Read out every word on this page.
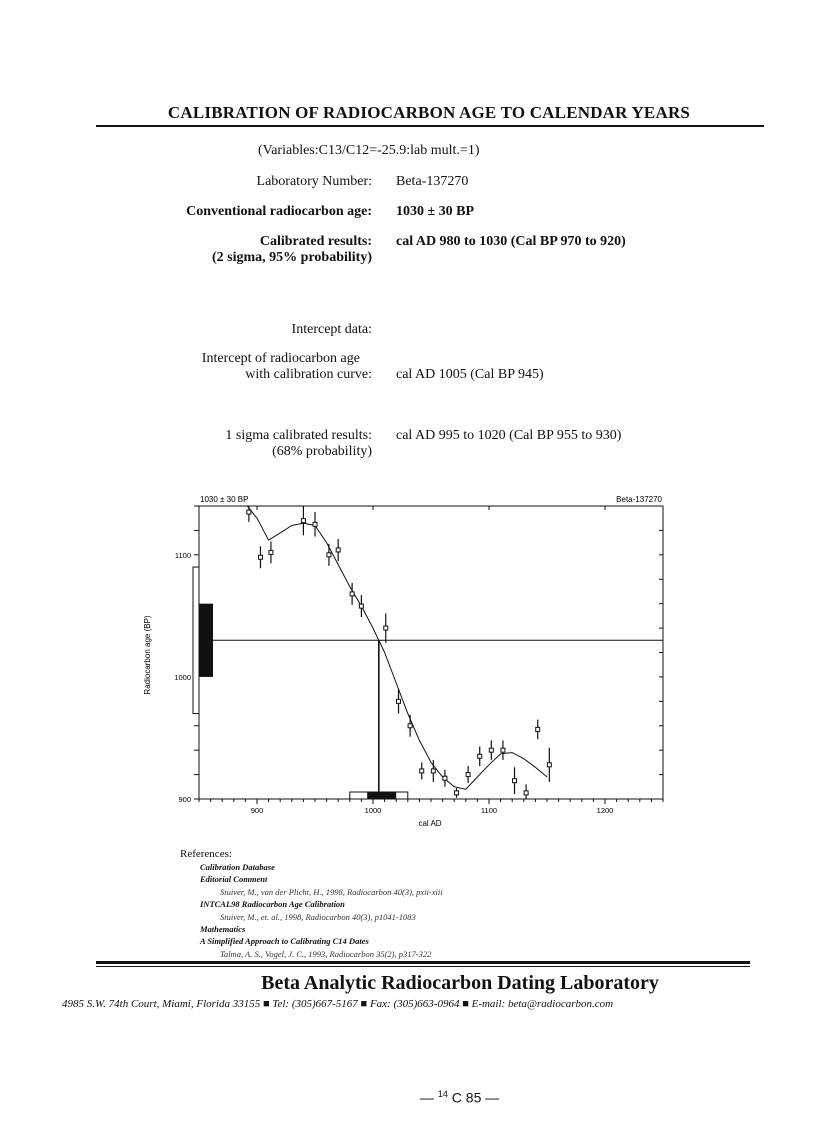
CALIBRATION OF RADIOCARBON AGE TO CALENDAR YEARS
(Variables:C13/C12=-25.9:lab mult.=1)
Laboratory Number: Beta-137270
Conventional radiocarbon age: 1030 ± 30 BP
Calibrated results:
(2 sigma, 95% probability)
cal AD 980 to 1030 (Cal BP 970 to 920)
Intercept data:
Intercept of radiocarbon age
with calibration curve: cal AD 1005 (Cal BP 945)
1 sigma calibrated results:
(68% probability)
cal AD 995 to 1020 (Cal BP 955 to 930)
900	1000	1100	1200
1100
1000
900
1030 ± 30 BP	Beta-137270
cal AD
Radiocarbon age (BP)
References:
Calibration Database
Editorial Comment
Stuiver, M., van der Plicht, H., 1998, Radiocarbon 40(3), pxii-xiii
INTCAL98 Radiocarbon Age Calibration
Stuiver, M., et. al., 1998, Radiocarbon 40(3), p1041-1083
Mathematics
A Simplified Approach to Calibrating C14 Dates
Talma, A. S., Vogel, J. C., 1993, Radiocarbon 35(2), p317-322
Beta Analytic Radiocarbon Dating Laboratory
4985 S.W. 74th Court, Miami, Florida 33155 ■ Tel: (305)667-5167 ■ Fax: (305)663-0964 ■ E-mail: beta@radiocarbon.com
— $^{14}$ C 85 —
